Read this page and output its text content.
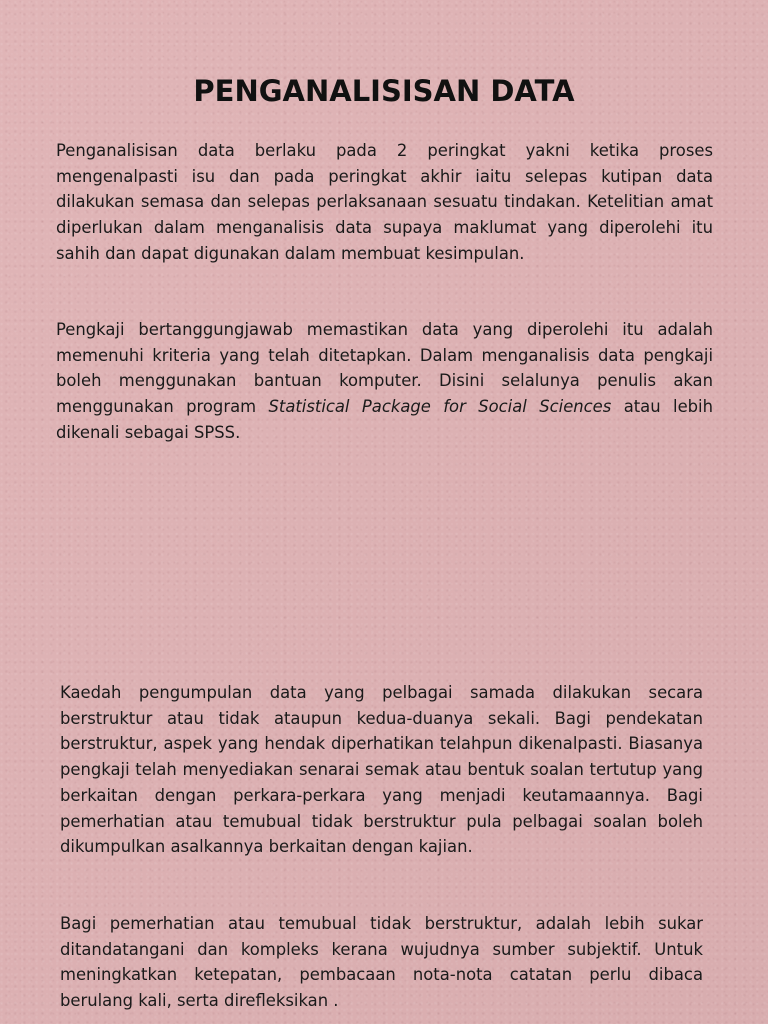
PENGANALISISAN DATA

Penganalisisan data berlaku pada 2 peringkat yakni ketika proses mengenalpasti isu dan pada peringkat akhir iaitu selepas kutipan data dilakukan semasa dan selepas perlaksanaan sesuatu tindakan. Ketelitian amat diperlukan dalam menganalisis data supaya maklumat yang diperolehi itu sahih dan dapat digunakan dalam membuat kesimpulan.

Pengkaji bertanggungjawab memastikan data yang diperolehi itu adalah memenuhi kriteria yang telah ditetapkan. Dalam menganalisis data pengkaji boleh menggunakan bantuan komputer. Disini selalunya penulis akan menggunakan program Statistical Package for Social Sciences atau lebih dikenali sebagai SPSS.

Kaedah pengumpulan data yang pelbagai samada dilakukan secara berstruktur atau tidak ataupun kedua-duanya sekali. Bagi pendekatan berstruktur, aspek yang hendak diperhatikan telahpun dikenalpasti. Biasanya pengkaji telah menyediakan senarai semak atau bentuk soalan tertutup yang berkaitan dengan perkara-perkara yang menjadi keutamaannya. Bagi pemerhatian atau temubual tidak berstruktur pula pelbagai soalan boleh dikumpulkan asalkannya berkaitan dengan kajian.

Bagi pemerhatian atau temubual tidak berstruktur, adalah lebih sukar ditandatangani dan kompleks kerana wujudnya sumber subjektif. Untuk meningkatkan ketepatan, pembacaan nota-nota catatan perlu dibaca berulang kali, serta direfleksikan .
